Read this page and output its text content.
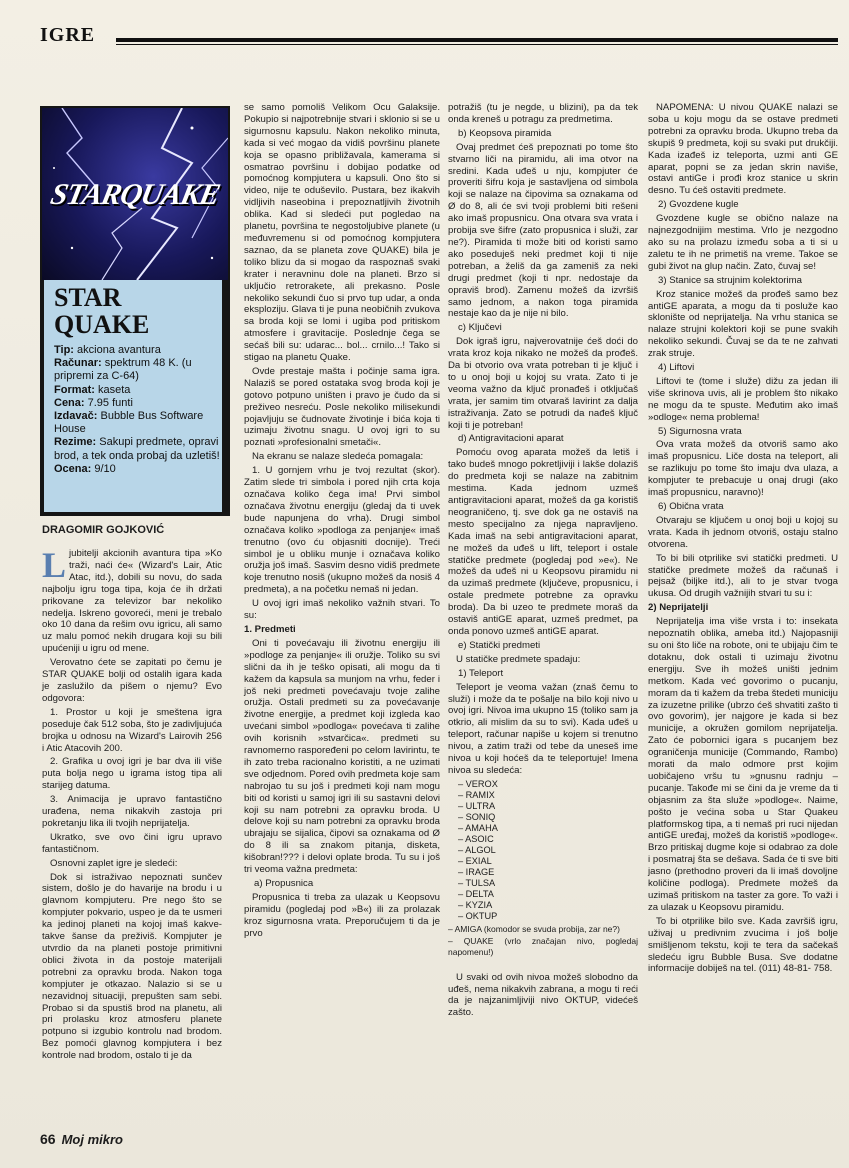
IGRE
STARQUAKE
STAR
QUAKE

Tip: akciona avantura

Računar: spektrum 48 K. (u pripremi za C-64)

Format: kaseta

Cena: 7.95 funti

Izdavač: Bubble Bus Software House

Rezime: Sakupi predmete, opravi brod, a tek onda probaj da uzletiš!

Ocena: 9/10

DRAGOMIR GOJKOVIĆ

Ljubitelji akcionih avantura tipa »Ko traži, naći će« (Wizard's Lair, Atic Atac, itd.), dobili su novu, do sada najbolju igru toga tipa, koja će ih držati prikovane za televizor bar nekoliko nedelja. Iskreno govoreći, meni je trebalo oko 10 dana da rešim ovu igricu, ali samo uz malu pomoć nekih drugara koji su bili upućeniji u igru od mene.

Verovatno ćete se zapitati po čemu je STAR QUAKE bolji od ostalih igara kada je zaslužilo da pišem o njemu? Evo odgovora:

1. Prostor u koji je smeštena igra poseduje čak 512 soba, što je zadivljujuća brojka u odnosu na Wizard's Lairovih 256 i Atic Atacovih 200.

2. Grafika u ovoj igri je bar dva ili više puta bolja nego u igrama istog tipa ali starijeg datuma.

3. Animacija je upravo fantastično urađena, nema nikakvih zastoja pri pokretanju lika ili tvojih neprijatelja.

Ukratko, sve ovo čini igru upravo fantastičnom.

Osnovni zaplet igre je sledeći:

Dok si istraživao nepoznati sunčev sistem, došlo je do havarije na brodu i u glavnom kompjuteru. Pre nego što se kompjuter pokvario, uspeo je da te usmeri ka jedinoj planeti na kojoj imaš kakve-takve šanse da preživiš. Kompjuter je utvrdio da na planeti postoje primitivni oblici života in da postoje materijali potrebni za opravku broda. Nakon toga kompjuter je otkazao. Nalazio si se u nezavidnoj situaciji, prepušten sam sebi. Probao si da spustiš brod na planetu, ali pri prolasku kroz atmosferu planete potpuno si izgubio kontrolu nad brodom. Bez pomoći glavnog kompjutera i bez kontrole nad brodom, ostalo ti je da

se samo pomoliš Velikom Ocu Galaksije. Pokupio si najpotrebnije stvari i sklonio si se u sigurnosnu kapsulu. Nakon nekoliko minuta, kada si već mogao da vidiš površinu planete koja se opasno približavala, kamerama si osmatrao površinu i dobijao podatke od pomoćnog kompjutera u kapsuli. Ono što si video, nije te oduševilo. Pustara, bez ikakvih vidljivih naseobina i prepoznatljivih životnih oblika. Kad si sledeći put pogledao na planetu, površina te negostoljubive planete (u međuvremenu si od pomoćnog kompjutera saznao, da se planeta zove QUAKE) bila je toliko blizu da si mogao da raspoznaš svaki krater i neravninu dole na planeti. Brzo si uključio retrorakete, ali prekasno. Posle nekoliko sekundi čuo si prvo tup udar, a onda eksploziju. Glava ti je puna neobičnih zvukova sa broda koji se lomi i ugiba pod pritiskom atmosfere i gravitacije. Poslednje čega se sećaš bili su: udarac... bol... crnilo...! Tako si stigao na planetu Quake.

Ovde prestaje mašta i počinje sama igra. Nalaziš se pored ostataka svog broda koji je gotovo potpuno uništen i pravo je čudo da si preživeo nesreću. Posle nekoliko milisekundi pojavljuju se čudnovate životinje i bića koja ti uzimaju životnu snagu. U ovoj igri to su poznati »profesionalni smetači«.

Na ekranu se nalaze sledeća pomagala:

1. U gornjem vrhu je tvoj rezultat (skor). Zatim slede tri simbola i pored njih crta koja označava koliko čega ima! Prvi simbol označava životnu energiju (gledaj da ti uvek bude napunjena do vrha). Drugi simbol označava koliko »podloga za penjanje« imaš trenutno (ovo ću objasniti docnije). Treći simbol je u obliku munje i označava koliko oružja još imaš. Sasvim desno vidiš predmete koje trenutno nosiš (ukupno možeš da nosiš 4 predmeta), a na početku nemaš ni jedan.

U ovoj igri imaš nekoliko važnih stvari. To su:

1. Predmeti

Oni ti povećavaju ili životnu energiju ili »podloge za penjanje« ili oružje. Toliko su svi slični da ih je teško opisati, ali mogu da ti kažem da kapsula sa munjom na vrhu, feder i još neki predmeti povećavaju tvoje zalihe oružja. Ostali predmeti su za povećavanje životne energije, a predmet koji izgleda kao uvećani simbol »podloga« povećava ti zalihe ovih korisnih »stvarčica«. predmeti su ravnomerno raspoređeni po celom lavirintu, te ih zato treba racionalno koristiti, a ne uzimati sve odjednom. Pored ovih predmeta koje sam nabrojao tu su još i predmeti koji nam mogu biti od koristi u samoj igri ili su sastavni delovi koji su nam potrebni za opravku broda. U delove koji su nam potrebni za opravku broda ubrajaju se sijalica, čipovi sa oznakama od Ø do 8 ili sa znakom pitanja, disketa, kišobran!??? i delovi oplate broda. Tu su i još tri veoma važna predmeta:

a) Propusnica

Propusnica ti treba za ulazak u Keopsovu piramidu (pogledaj pod »B«) ili za prolazak kroz sigurnosna vrata. Preporučujem ti da je prvo

potražiš (tu je negde, u blizini), pa da tek onda kreneš u potragu za predmetima.

b) Keopsova piramida

Ovaj predmet ćeš prepoznati po tome što stvarno liči na piramidu, ali ima otvor na sredini. Kada uđeš u nju, kompjuter će proveriti šifru koja je sastavljena od simbola koji se nalaze na čipovima sa oznakama od Ø do 8, ali će svi tvoji problemi biti rešeni ako imaš propusnicu. Ona otvara sva vrata i probija sve šifre (zato propusnica i služi, zar ne?). Piramida ti može biti od koristi samo ako poseduješ neki predmet koji ti nije potreban, a želiš da ga zameniš za neki drugi predmet (koji ti npr. nedostaje da opraviš brod). Zamenu možeš da izvršiš samo jednom, a nakon toga piramida nestaje kao da je nije ni bilo.

c) Ključevi

Dok igraš igru, najverovatnije ćeš doći do vrata kroz koja nikako ne možeš da prođeš. Da bi otvorio ova vrata potreban ti je ključ i to u onoj boji u kojoj su vrata. Zato ti je veoma važno da ključ pronađeš i otključaš vrata, jer samim tim otvaraš lavirint za dalja istraživanja. Zato se potrudi da nađeš ključ koji ti je potreban!

d) Antigravitacioni aparat

Pomoću ovog aparata možeš da letiš i tako budeš mnogo pokretljiviji i lakše dolaziš do predmeta koji se nalaze na zabitnim mestima. Kada jednom uzmeš antigravitacioni aparat, možeš da ga koristiš neograničeno, tj. sve dok ga ne ostaviš na mesto specijalno za njega napravljeno. Kada imaš na sebi antigravitacioni aparat, ne možeš da uđeš u lift, teleport i ostale statičke predmete (pogledaj pod »e«). Ne možeš da uđeš ni u Keopsovu piramidu ni da uzimaš predmete (ključeve, propusnicu, i ostale predmete potrebne za opravku broda). Da bi uzeo te predmete moraš da ostaviš antiGE aparat, uzmeš predmet, pa onda ponovo uzmeš antiGE aparat.

e) Statički predmeti

U statičke predmete spadaju:

1) Teleport

Teleport je veoma važan (znaš čemu to služi) i može da te pošalje na bilo koji nivo u ovoj igri. Nivoa ima ukupno 15 (toliko sam ja otkrio, ali mislim da su to svi). Kada uđeš u teleport, računar napiše u kojem si trenutno nivou, a zatim traži od tebe da uneseš ime nivoa u koji hoćeš da te teleportuje! Imena nivoa su sledeća:

– VEROX
– RAMIX
– ULTRA
– SONIQ
– AMAHA
– ASOIC
– ALGOL
– EXIAL
– IRAGE
– TULSA
– DELTA
– KYZIA
– OKTUP

– AMIGA (komodor se svuda probija, zar ne?)

– QUAKE (vrlo značajan nivo, pogledaj napomenu!)

U svaki od ovih nivoa možeš slobodno da uđeš, nema nikakvih zabrana, a mogu ti reći da je najzanimljiviji nivo OKTUP, videćeš zašto.

NAPOMENA: U nivou QUAKE nalazi se soba u koju mogu da se ostave predmeti potrebni za opravku broda. Ukupno treba da skupiš 9 predmeta, koji su svaki put drukčiji. Kada izađeš iz teleporta, uzmi anti GE aparat, popni se za jedan skrin naviše, ostavi antiGe i prođi kroz stanice u skrin desno. Tu ćeš ostaviti predmete.

2) Gvozdene kugle

Gvozdene kugle se obično nalaze na najnezgodnijim mestima. Vrlo je nezgodno ako su na prolazu između soba a ti si u zaletu te ih ne primetiš na vreme. Takoe se gubi život na glup način. Zato, čuvaj se!

3) Stanice sa strujnim kolektorima

Kroz stanice možeš da prođeš samo bez antiGE aparata, a mogu da ti posluže kao sklonište od neprijatelja. Na vrhu stanica se nalaze strujni kolektori koji se pune svakih nekoliko sekundi. Čuvaj se da te ne zahvati zrak struje.

4) Liftovi

Liftovi te (tome i služe) dižu za jedan ili više skrinova uvis, ali je problem što nikako ne mogu da te spuste. Međutim ako imaš »odloge« nema problema!

5) Sigurnosna vrata

Ova vrata možeš da otvoriš samo ako imaš propusnicu. Liče dosta na teleport, ali se razlikuju po tome što imaju dva ulaza, a kompjuter te prebacuje u onaj drugi (ako imaš propusnicu, naravno)!

6) Obična vrata

Otvaraju se ključem u onoj boji u kojoj su vrata. Kada ih jednom otvoriš, ostaju stalno otvorena.

To bi bili otprilike svi statički predmeti. U statičke predmete možeš da računaš i pejsaž (biljke itd.), ali to je stvar tvoga ukusa. Od drugih važnijih stvari tu su i:

2) Neprijatelji

Neprijatelja ima više vrsta i to: insekata nepoznatih oblika, ameba itd.) Najopasniji su oni što liče na robote, oni te ubijaju čim te dotaknu, dok ostali ti uzimaju životnu energiju. Sve ih možeš uništi jednim metkom. Kada već govorimo o pucanju, moram da ti kažem da treba štedeti municiju za izuzetne prilike (ubrzo ćeš shvatiti zašto ti ovo govorim), jer najgore je kada si bez municije, a okružen gomilom neprijatelja. Zato će pobornici igara s pucanjem bez ograničenja municije (Commando, Rambo) morati da malo odmore prst kojim uobičajeno vršu tu »gnusnu radnju – pucanje. Takođe mi se čini da je vreme da ti objasnim za šta služe »podloge«. Naime, pošto je većina soba u Star Quakeu platformskog tipa, a ti nemaš pri ruci nijedan antiGE uređaj, možeš da koristiš »podloge«. Brzo pritiskaj dugme koje si odabrao za dole i posmatraj šta se dešava. Sada će ti sve biti jasno (prethodno proveri da li imaš dovoljne količine podloga). Predmete možeš da uzimaš pritiskom na taster za gore. To važi i za ulazak u Keopsovu piramidu.

To bi otprilike bilo sve. Kada završiš igru, uživaj u predivnim zvucima i još bolje smišljenom tekstu, koji te tera da sačekaš sledeću igru Bubble Busa. Sve dodatne informacije dobiješ na tel. (011) 48-81- 758.

66 Moj mikro
